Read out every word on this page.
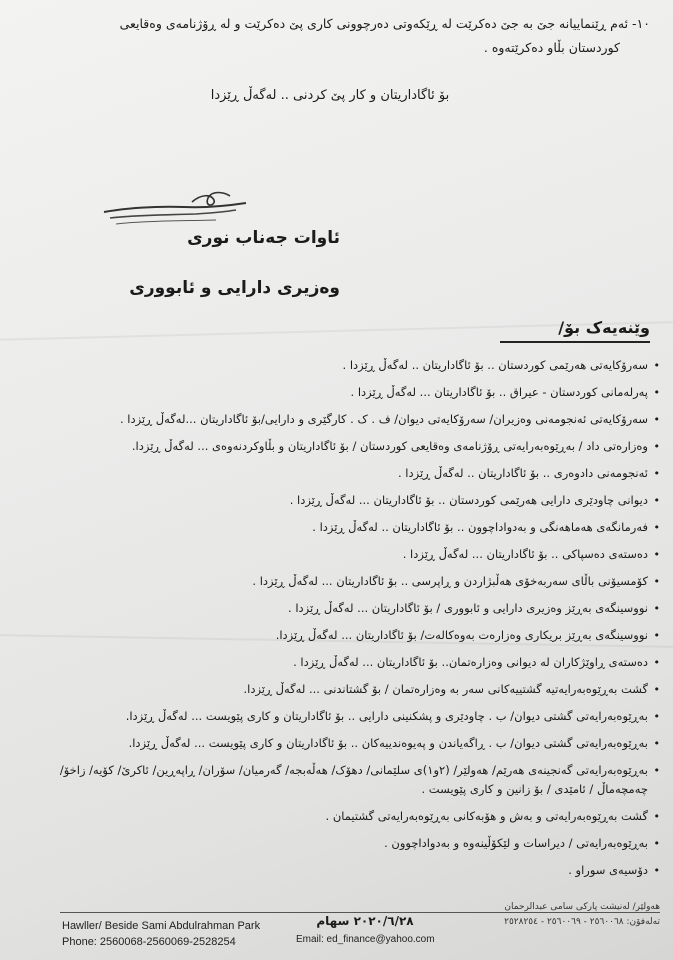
١٠- ئەم ڕێنماییانە جێ بە جێ دەکرێت لە ڕێکەوتی دەرچوونی کاری پێ دەکرێت و لە ڕۆژنامەی وەقایعی
کوردستان بڵاو دەکرێتەوە .
بۆ ئاگاداریتان و کار پێ کردنی .. لەگەڵ ڕێزدا
ئاوات جەناب نوری
وەزیری دارایی و ئابووری
وێنەیەک بۆ/
•
سەرۆکایەتی هەرێمی کوردستان .. بۆ ئاگاداریتان .. لەگەڵ ڕێزدا .
•
پەرلەمانی کوردستان - عیراق .. بۆ ئاگاداریتان ... لەگەڵ ڕێزدا .
•
سەرۆکایەتی ئەنجومەنی وەزیران/ سەرۆکایەتی دیوان/ ف . ک . کارگێری و دارایی/بۆ ئاگاداریتان ...لەگەڵ ڕێزدا .
•
وەزارەتی داد / بەڕێوەبەرایەتی ڕۆژنامەی وەقایعی کوردستان / بۆ ئاگاداریتان و بڵاوکردنەوەی ... لەگەڵ ڕێزدا.
•
ئەنجومەنی دادوەری .. بۆ ئاگاداریتان .. لەگەڵ ڕێزدا .
•
دیوانی چاودێری دارایی هەرێمی کوردستان .. بۆ ئاگاداریتان ... لەگەڵ ڕێزدا .
•
فەرمانگەی هەماهەنگی و بەدواداچوون .. بۆ ئاگاداریتان .. لەگەڵ ڕێزدا .
•
دەستەی دەسپاکی .. بۆ ئاگاداریتان ... لەگەڵ ڕێزدا .
•
کۆمسیۆنی باڵای سەربەخۆی هەڵبژاردن و ڕاپرسی .. بۆ ئاگاداریتان ... لەگەڵ ڕێزدا .
•
نووسینگەی بەڕێز وەزیری دارایی و ئابووری / بۆ ئاگاداریتان ... لەگەڵ ڕێزدا .
•
نووسینگەی بەڕێز بریکاری وەزارەت بەوەکالەت/ بۆ ئاگاداریتان ... لەگەڵ ڕێزدا.
•
دەستەی ڕاوێژکاران لە دیوانی وەزارەتمان.. بۆ ئاگاداریتان ... لەگەڵ ڕێزدا .
•
گشت بەڕێوەبەرایەتیە گشتییەکانی سەر بە وەزارەتمان / بۆ گشتاندنی ... لەگەڵ ڕێزدا.
•
بەڕێوەبەرایەتی گشتی دیوان/ ب . چاودێری و پشکنینی دارایی .. بۆ ئاگاداریتان و کاری پێویست ... لەگەڵ ڕێزدا.
•
بەڕێوەبەرایەتی گشتی دیوان/ ب . ڕاگەیاندن و پەیوەندییەکان .. بۆ ئاگاداریتان و کاری پێویست ... لەگەڵ ڕێزدا.
•
بەڕێوەبەرایەتی گەنجینەی هەرێم/ هەولێر/ (٢و١)ی سلێمانی/ دهۆک/ هەڵەبجە/ گەرمیان/ سۆران/ ڕاپەڕین/ ئاکرێ/ کۆیە/ زاخۆ/ چەمچەماڵ / ئامێدی / بۆ زانین و کاری پێویست .
•
گشت بەڕێوەبەرایەتی و بەش و هۆبەکانی بەڕێوەبەرایەتی گشتیمان .
•
بەڕێوەبەرایەتی / دیراسات و لێکۆڵینەوە و بەدواداچوون .
•
دۆسیەی سوراو .
هەولێر/ لەنیشت پارکی سامی عبدالرحمان
تەلەفۆن: ٢٥٦٠٠٦٨ - ٢٥٦٠٠٦٩ - ٢٥٢٨٢٥٤
Hawller/ Beside Sami Abdulrahman Park
Phone: 2560068-2560069-2528254
٢٠٢٠/٦/٢٨ سهام
Email: ed_finance@yahoo.com
